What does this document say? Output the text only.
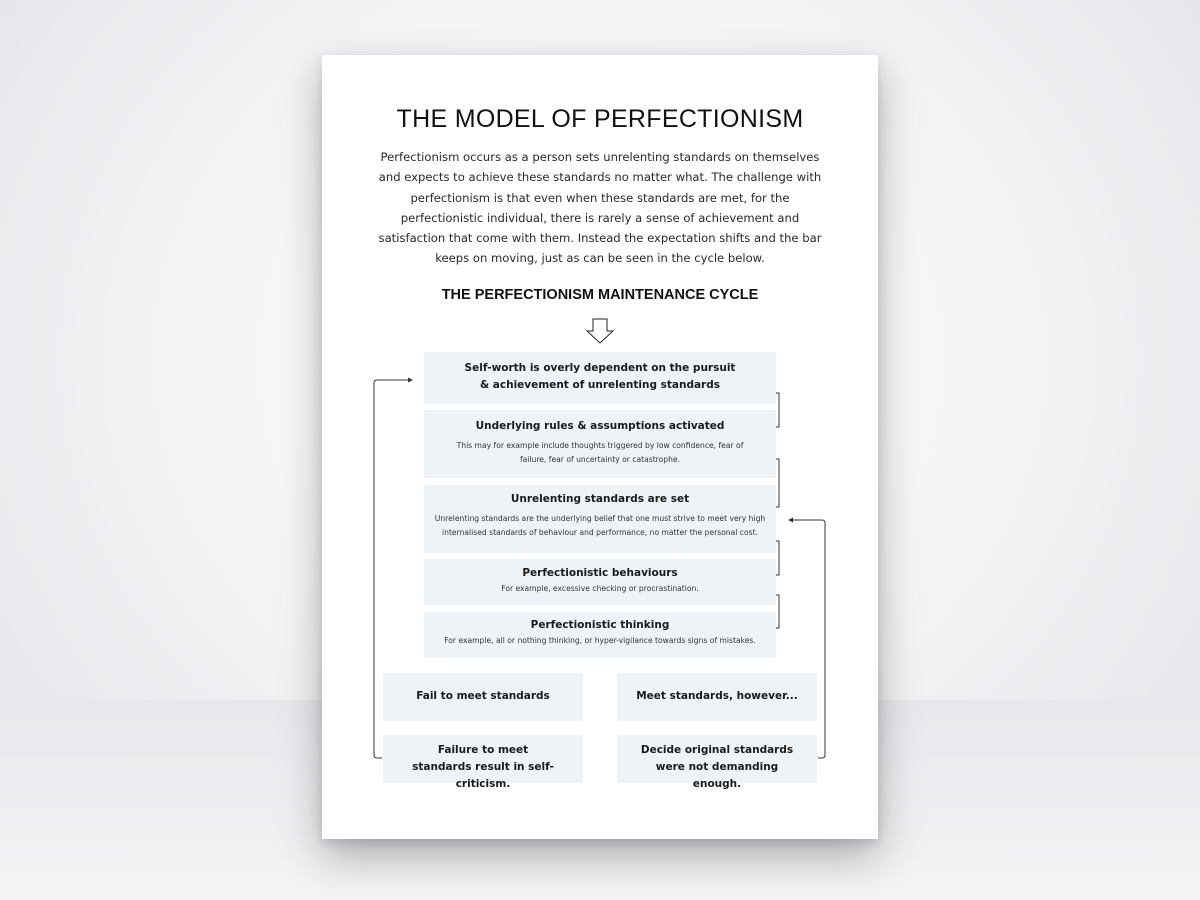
THE MODEL OF PERFECTIONISM

Perfectionism occurs as a person sets unrelenting standards on themselves and expects to achieve these standards no matter what. The challenge with perfectionism is that even when these standards are met, for the perfectionistic individual, there is rarely a sense of achievement and satisfaction that come with them. Instead the expectation shifts and the bar keeps on moving, just as can be seen in the cycle below.

THE PERFECTIONISM MAINTENANCE CYCLE
Self-worth is overly dependent on the pursuit & achievement of unrelenting standards
Underlying rules & assumptions activated
This may for example include thoughts triggered by low confidence, fear of failure, fear of uncertainty or catastrophe.
Unrelenting standards are set
Unrelenting standards are the underlying belief that one must strive to meet very high internalised standards of behaviour and performance, no matter the personal cost.
Perfectionistic behaviours
For example, excessive checking or procrastination.
Perfectionistic thinking
For example, all or nothing thinking, or hyper-vigilance towards signs of mistakes.
Fail to meet standards	Meet standards, however...
Failure to meet standards result in self-criticism.
Decide original standards were not demanding enough.
